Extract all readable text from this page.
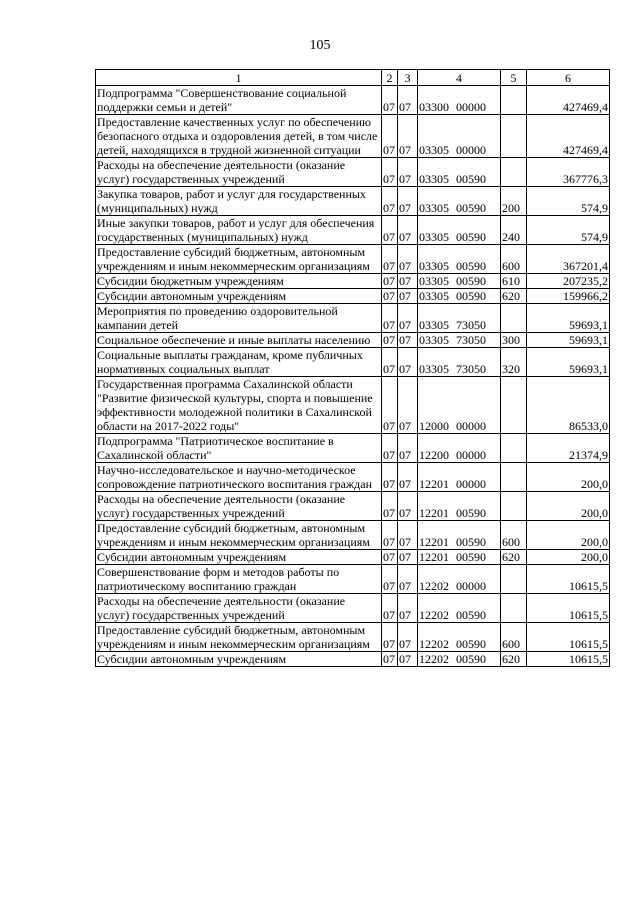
105
1	2	3	4	5	6
Подпрограмма "Совершенствование социальной поддержки семьи и детей"	07	07	03300 00000		427469,4
Предоставление качественных услуг по обеспечению безопасного отдыха и оздоровления детей, в том числе детей, находящихся в трудной жизненной ситуации	07	07	03305 00000		427469,4
Расходы на обеспечение деятельности (оказание услуг) государственных учреждений	07	07	03305 00590		367776,3
Закупка товаров, работ и услуг для государственных (муниципальных) нужд	07	07	03305 00590	200	574,9
Иные закупки товаров, работ и услуг для обеспечения государственных (муниципальных) нужд	07	07	03305 00590	240	574,9
Предоставление субсидий бюджетным, автономным учреждениям и иным некоммерческим организациям	07	07	03305 00590	600	367201,4
Субсидии бюджетным учреждениям	07	07	03305 00590	610	207235,2
Субсидии автономным учреждениям	07	07	03305 00590	620	159966,2
Мероприятия по проведению оздоровительной кампании детей	07	07	03305 73050		59693,1
Социальное обеспечение и иные выплаты населению	07	07	03305 73050	300	59693,1
Социальные выплаты гражданам, кроме публичных нормативных социальных выплат	07	07	03305 73050	320	59693,1
Государственная программа Сахалинской области "Развитие физической культуры, спорта и повышение эффективности молодежной политики в Сахалинской области на 2017-2022 годы"	07	07	12000 00000		86533,0
Подпрограмма "Патриотическое воспитание в Сахалинской области"	07	07	12200 00000		21374,9
Научно-исследовательское и научно-методическое сопровождение патриотического воспитания граждан	07	07	12201 00000		200,0
Расходы на обеспечение деятельности (оказание услуг) государственных учреждений	07	07	12201 00590		200,0
Предоставление субсидий бюджетным, автономным учреждениям и иным некоммерческим организациям	07	07	12201 00590	600	200,0
Субсидии автономным учреждениям	07	07	12201 00590	620	200,0
Совершенствование форм и методов работы по патриотическому воспитанию граждан	07	07	12202 00000		10615,5
Расходы на обеспечение деятельности (оказание услуг) государственных учреждений	07	07	12202 00590		10615,5
Предоставление субсидий бюджетным, автономным учреждениям и иным некоммерческим организациям	07	07	12202 00590	600	10615,5
Субсидии автономным учреждениям	07	07	12202 00590	620	10615,5
